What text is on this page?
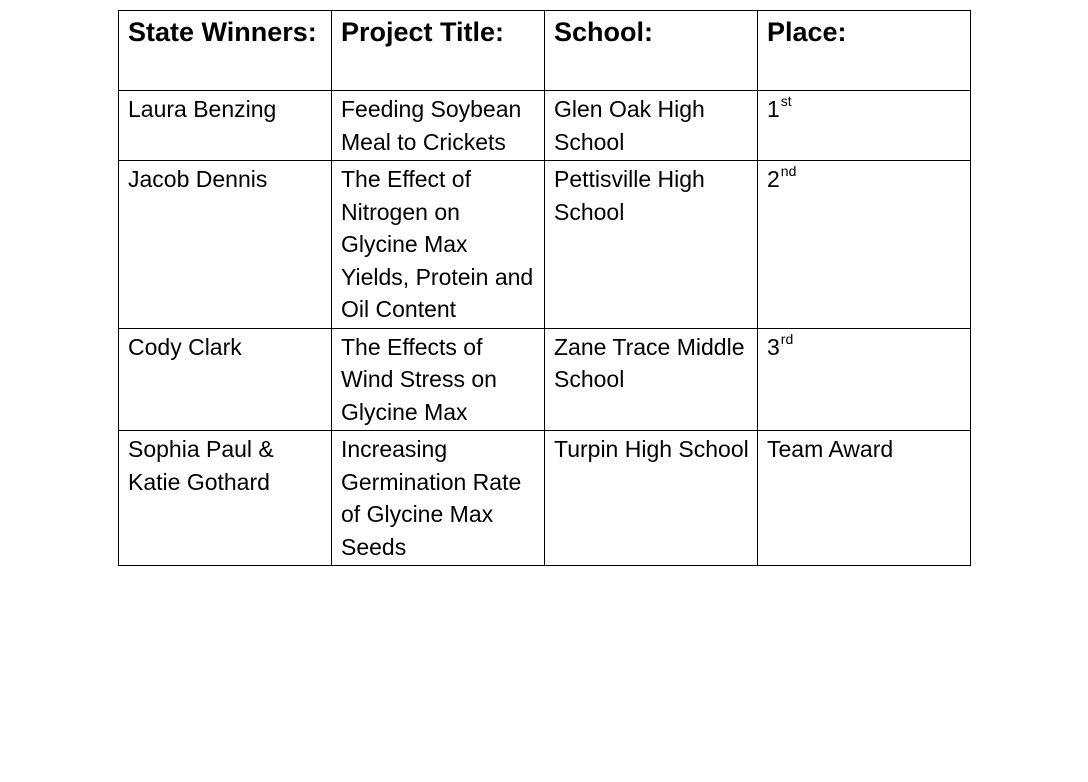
State Winners:	Project Title:	School:	Place:
Laura Benzing	Feeding Soybean Meal to Crickets	Glen Oak High School	1st
Jacob Dennis	The Effect of Nitrogen on Glycine Max Yields, Protein and Oil Content	Pettisville High School	2nd
Cody Clark	The Effects of Wind Stress on Glycine Max	Zane Trace Middle School	3rd
Sophia Paul & Katie Gothard	Increasing Germination Rate of Glycine Max Seeds	Turpin High School	Team Award
